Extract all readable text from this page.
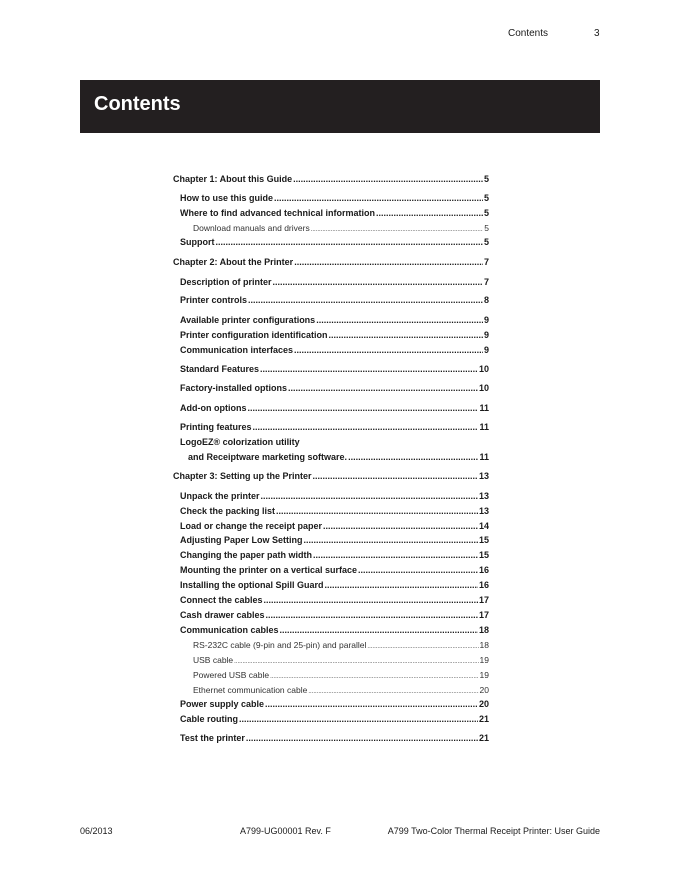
Contents	3
Contents
Chapter 1: About this Guide .....	5
How to use this guide .....	5
Where to find advanced technical information .....	5
Download manuals and drivers .....	5
Support .....	5
Chapter 2: About the Printer .....	7
Description of printer .....	7
Printer controls .....	8
Available printer configurations .....	9
Printer configuration identification .....	9
Communication interfaces .....	9
Standard Features .....	10
Factory-installed options .....	10
Add-on options .....	11
Printing features .....	11
LogoEZ® colorization utility
and Receiptware marketing software. .....	11
Chapter 3: Setting up the Printer .....	13
Unpack the printer .....	13
Check the packing list .....	13
Load or change the receipt paper .....	14
Adjusting Paper Low Setting .....	15
Changing the paper path width .....	15
Mounting the printer on a vertical surface .....	16
Installing the optional Spill Guard .....	16
Connect the cables .....	17
Cash drawer cables .....	17
Communication cables .....	18
RS-232C cable (9-pin and 25-pin) and parallel .....	18
USB cable .....	19
Powered USB cable .....	19
Ethernet communication cable .....	20
Power supply cable .....	20
Cable routing .....	21
Test the printer .....	21
06/2013	A799-UG00001 Rev. F	A799 Two-Color Thermal Receipt Printer: User Guide
